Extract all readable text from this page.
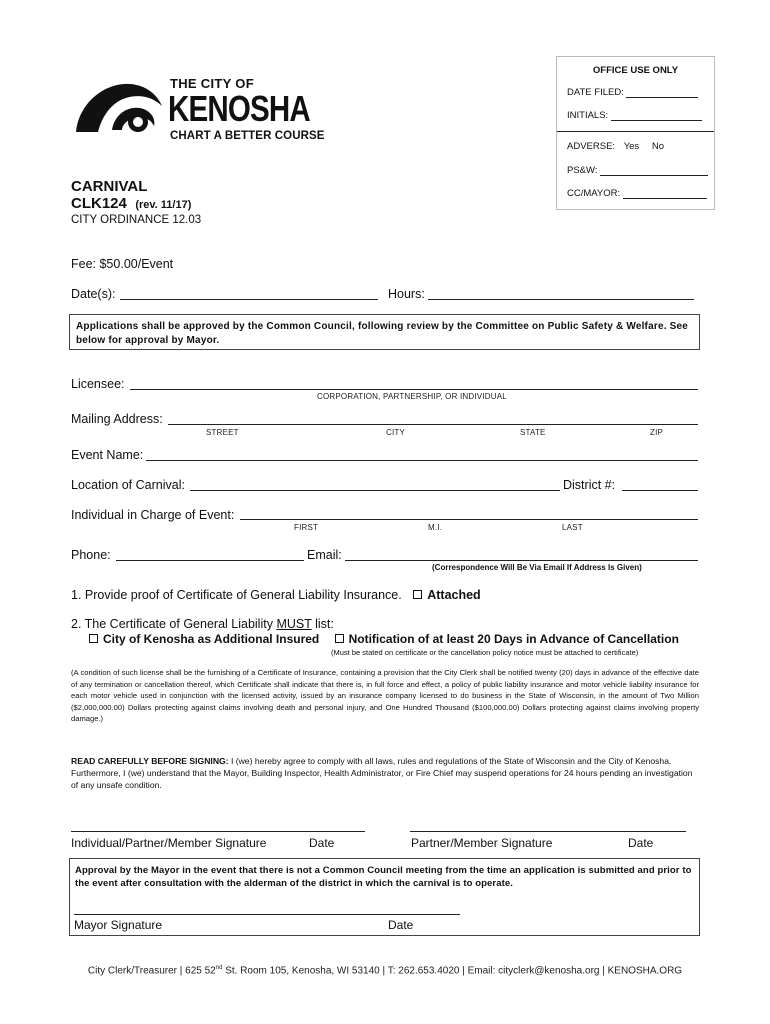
OFFICE USE ONLY
DATE FILED:
INITIALS:
ADVERSE: Yes No
PS&W:
CC/MAYOR:
THE CITY OF
KENOSHA
CHART A BETTER COURSE
CARNIVAL
CLK124 (rev. 11/17)
CITY ORDINANCE 12.03
Fee: $50.00/Event
Date(s):	Hours:
Applications shall be approved by the Common Council, following review by the Committee on Public Safety & Welfare. See below for approval by Mayor.
Licensee:
CORPORATION, PARTNERSHIP, OR INDIVIDUAL
Mailing Address:
STREET	CITY	STATE	ZIP
Event Name:
Location of Carnival:	District #:
Individual in Charge of Event:
FIRST	M.I.	LAST
Phone:	Email:
(Correspondence Will Be Via Email If Address Is Given)
1. Provide proof of Certificate of General Liability Insurance. Attached
2. The Certificate of General Liability MUST list:
City of Kenosha as Additional Insured Notification of at least 20 Days in Advance of Cancellation
(Must be stated on certificate or the cancellation policy notice must be attached to certificate)
(A condition of such license shall be the furnishing of a Certificate of Insurance, containing a provision that the City Clerk shall be notified twenty (20) days in advance of the effective date of any termination or cancellation thereof, which Certificate shall indicate that there is, in full force and effect, a policy of public liability insurance and motor vehicle liability insurance for each motor vehicle used in conjunction with the licensed activity, issued by an insurance company licensed to do business in the State of Wisconsin, in the amount of Two Million ($2,000,000.00) Dollars protecting against claims involving death and personal injury, and One Hundred Thousand ($100,000.00) Dollars protecting against claims involving property damage.)
READ CAREFULLY BEFORE SIGNING: I (we) hereby agree to comply with all laws, rules and regulations of the State of Wisconsin and the City of Kenosha. Furthermore, I (we) understand that the Mayor, Building Inspector, Health Administrator, or Fire Chief may suspend operations for 24 hours pending an investigation of any unsafe condition.
Individual/Partner/Member Signature	Date	Partner/Member Signature	Date
Approval by the Mayor in the event that there is not a Common Council meeting from the time an application is submitted and prior to the event after consultation with the alderman of the district in which the carnival is to operate.
Mayor Signature	Date
City Clerk/Treasurer | 625 52nd St. Room 105, Kenosha, WI 53140 | T: 262.653.4020 | Email: cityclerk@kenosha.org | KENOSHA.ORG
